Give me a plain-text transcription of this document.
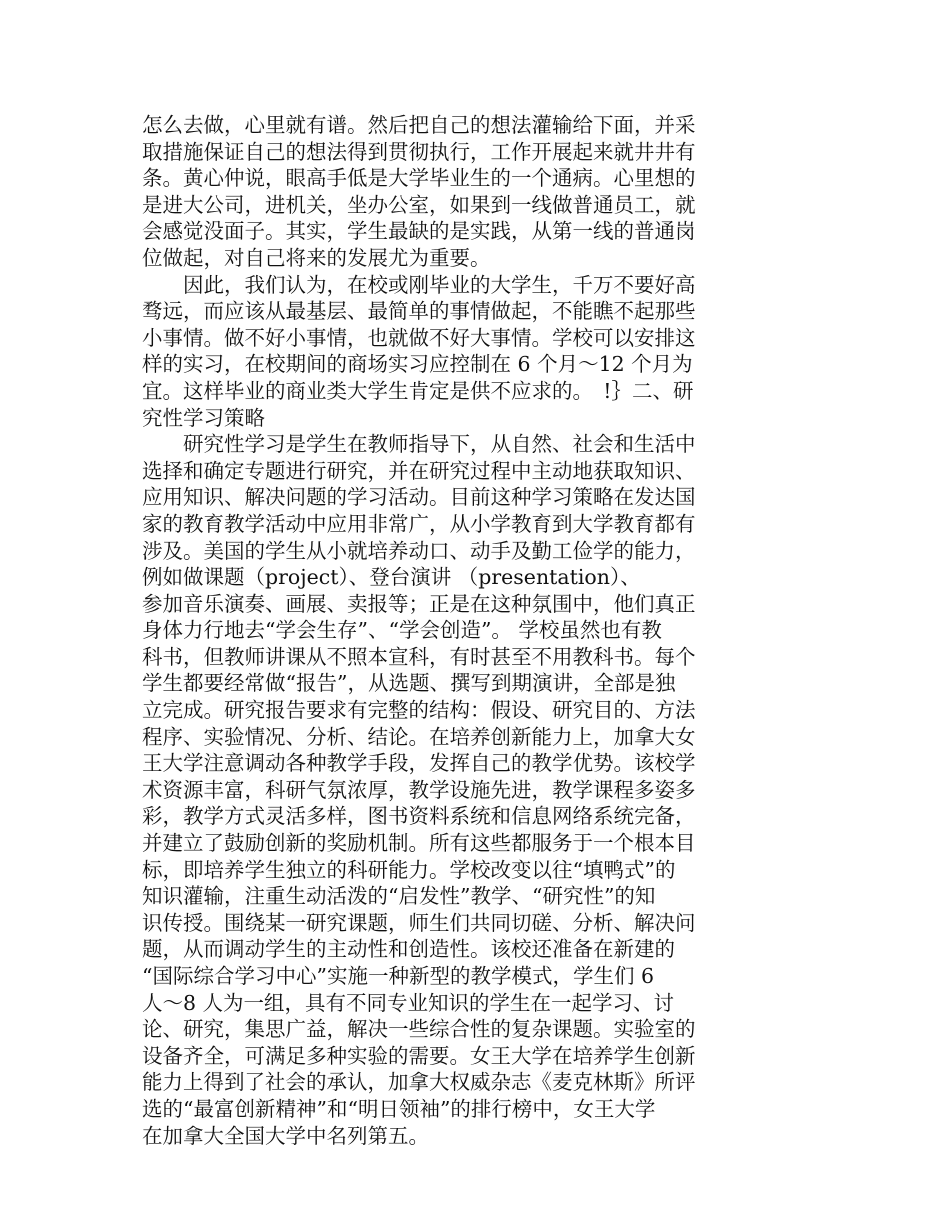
怎么去做，心里就有谱。然后把自己的想法灌输给下面，并采
取措施保证自己的想法得到贯彻执行，工作开展起来就井井有
条。黄心仲说，眼高手低是大学毕业生的一个通病。心里想的
是进大公司，进机关，坐办公室，如果到一线做普通员工，就
会感觉没面子。其实，学生最缺的是实践，从第一线的普通岗
位做起，对自己将来的发展尤为重要。
因此，我们认为，在校或刚毕业的大学生，千万不要好高
骛远，而应该从最基层、最简单的事情做起，不能瞧不起那些
小事情。做不好小事情，也就做不好大事情。学校可以安排这
样的实习，在校期间的商场实习应控制在 6 个月～12 个月为
宜。这样毕业的商业类大学生肯定是供不应求的。　!｝二、研
究性学习策略
研究性学习是学生在教师指导下，从自然、社会和生活中
选择和确定专题进行研究，并在研究过程中主动地获取知识、
应用知识、解决问题的学习活动。目前这种学习策略在发达国
家的教育教学活动中应用非常广，从小学教育到大学教育都有
涉及。美国的学生从小就培养动口、动手及勤工俭学的能力，
例如做课题（project）、登台演讲 （presentation）、
参加音乐演奏、画展、卖报等；正是在这种氛围中，他们真正
身体力行地去“学会生存”、“学会创造”。 学校虽然也有教
科书，但教师讲课从不照本宣科，有时甚至不用教科书。每个
学生都要经常做“报告”，从选题、撰写到期演讲，全部是独
立完成。研究报告要求有完整的结构：假设、研究目的、方法
程序、实验情况、分析、结论。在培养创新能力上，加拿大女
王大学注意调动各种教学手段，发挥自己的教学优势。该校学
术资源丰富，科研气氛浓厚，教学设施先进，教学课程多姿多
彩，教学方式灵活多样，图书资料系统和信息网络系统完备，
并建立了鼓励创新的奖励机制。所有这些都服务于一个根本目
标，即培养学生独立的科研能力。学校改变以往“填鸭式”的
知识灌输，注重生动活泼的“启发性”教学、“研究性”的知
识传授。围绕某一研究课题，师生们共同切磋、分析、解决问
题，从而调动学生的主动性和创造性。该校还准备在新建的
“国际综合学习中心”实施一种新型的教学模式，学生们 6
人～8 人为一组，具有不同专业知识的学生在一起学习、讨
论、研究，集思广益，解决一些综合性的复杂课题。实验室的
设备齐全，可满足多种实验的需要。女王大学在培养学生创新
能力上得到了社会的承认，加拿大权威杂志《麦克林斯》所评
选的“最富创新精神”和“明日领袖”的排行榜中，女王大学
在加拿大全国大学中名列第五。
